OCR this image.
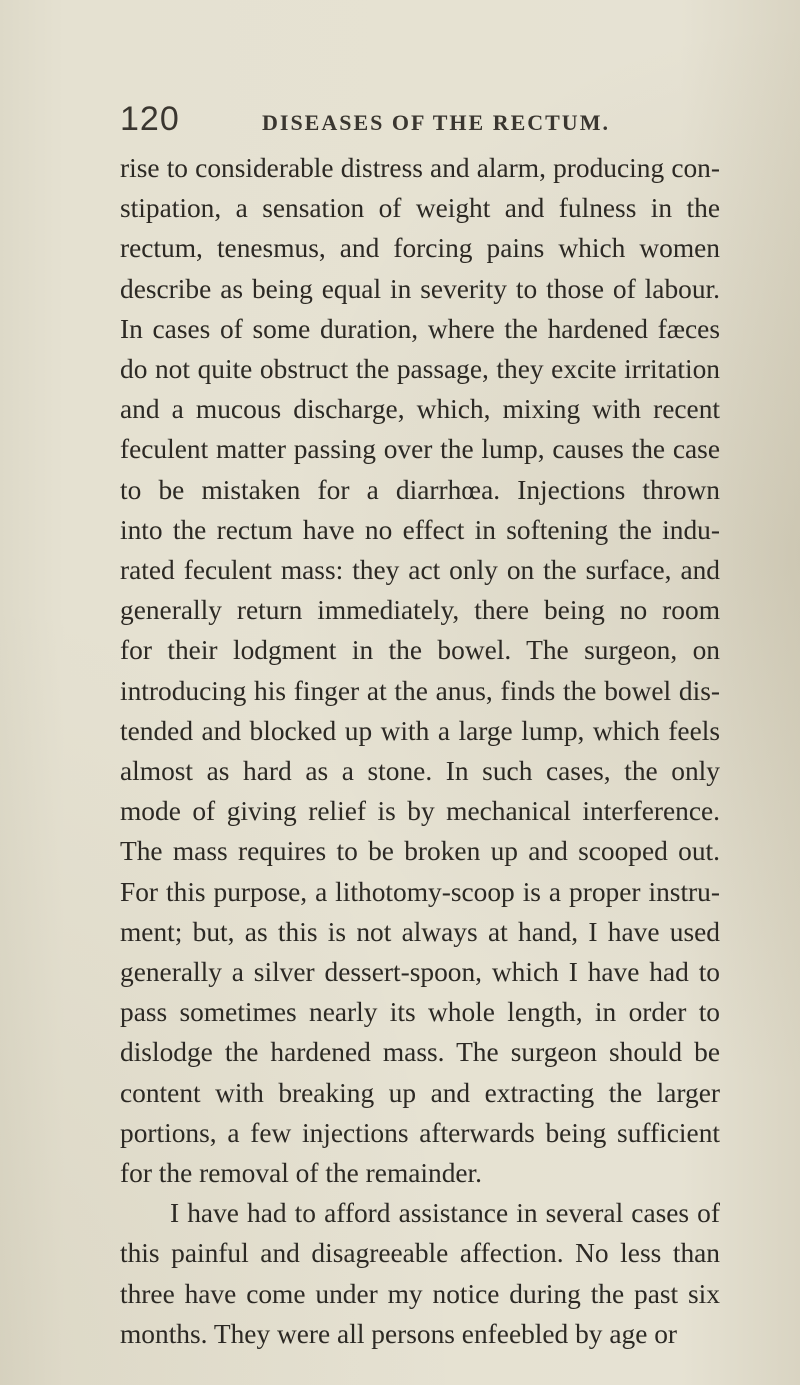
120	DISEASES OF THE RECTUM.

rise to considerable distress and alarm, producing con-
stipation, a sensation of weight and fulness in the
rectum, tenesmus, and forcing pains which women
describe as being equal in severity to those of labour.
In cases of some duration, where the hardened fæces
do not quite obstruct the passage, they excite irritation
and a mucous discharge, which, mixing with recent
feculent matter passing over the lump, causes the case
to be mistaken for a diarrhœa. Injections thrown
into the rectum have no effect in softening the indu-
rated feculent mass: they act only on the surface, and
generally return immediately, there being no room
for their lodgment in the bowel. The surgeon, on
introducing his finger at the anus, finds the bowel dis-
tended and blocked up with a large lump, which feels
almost as hard as a stone. In such cases, the only
mode of giving relief is by mechanical interference.
The mass requires to be broken up and scooped out.
For this purpose, a lithotomy-scoop is a proper instru-
ment; but, as this is not always at hand, I have used
generally a silver dessert-spoon, which I have had to
pass sometimes nearly its whole length, in order to
dislodge the hardened mass. The surgeon should be
content with breaking up and extracting the larger
portions, a few injections afterwards being sufficient
for the removal of the remainder.

I have had to afford assistance in several cases of
this painful and disagreeable affection. No less than
three have come under my notice during the past six
months. They were all persons enfeebled by age or
